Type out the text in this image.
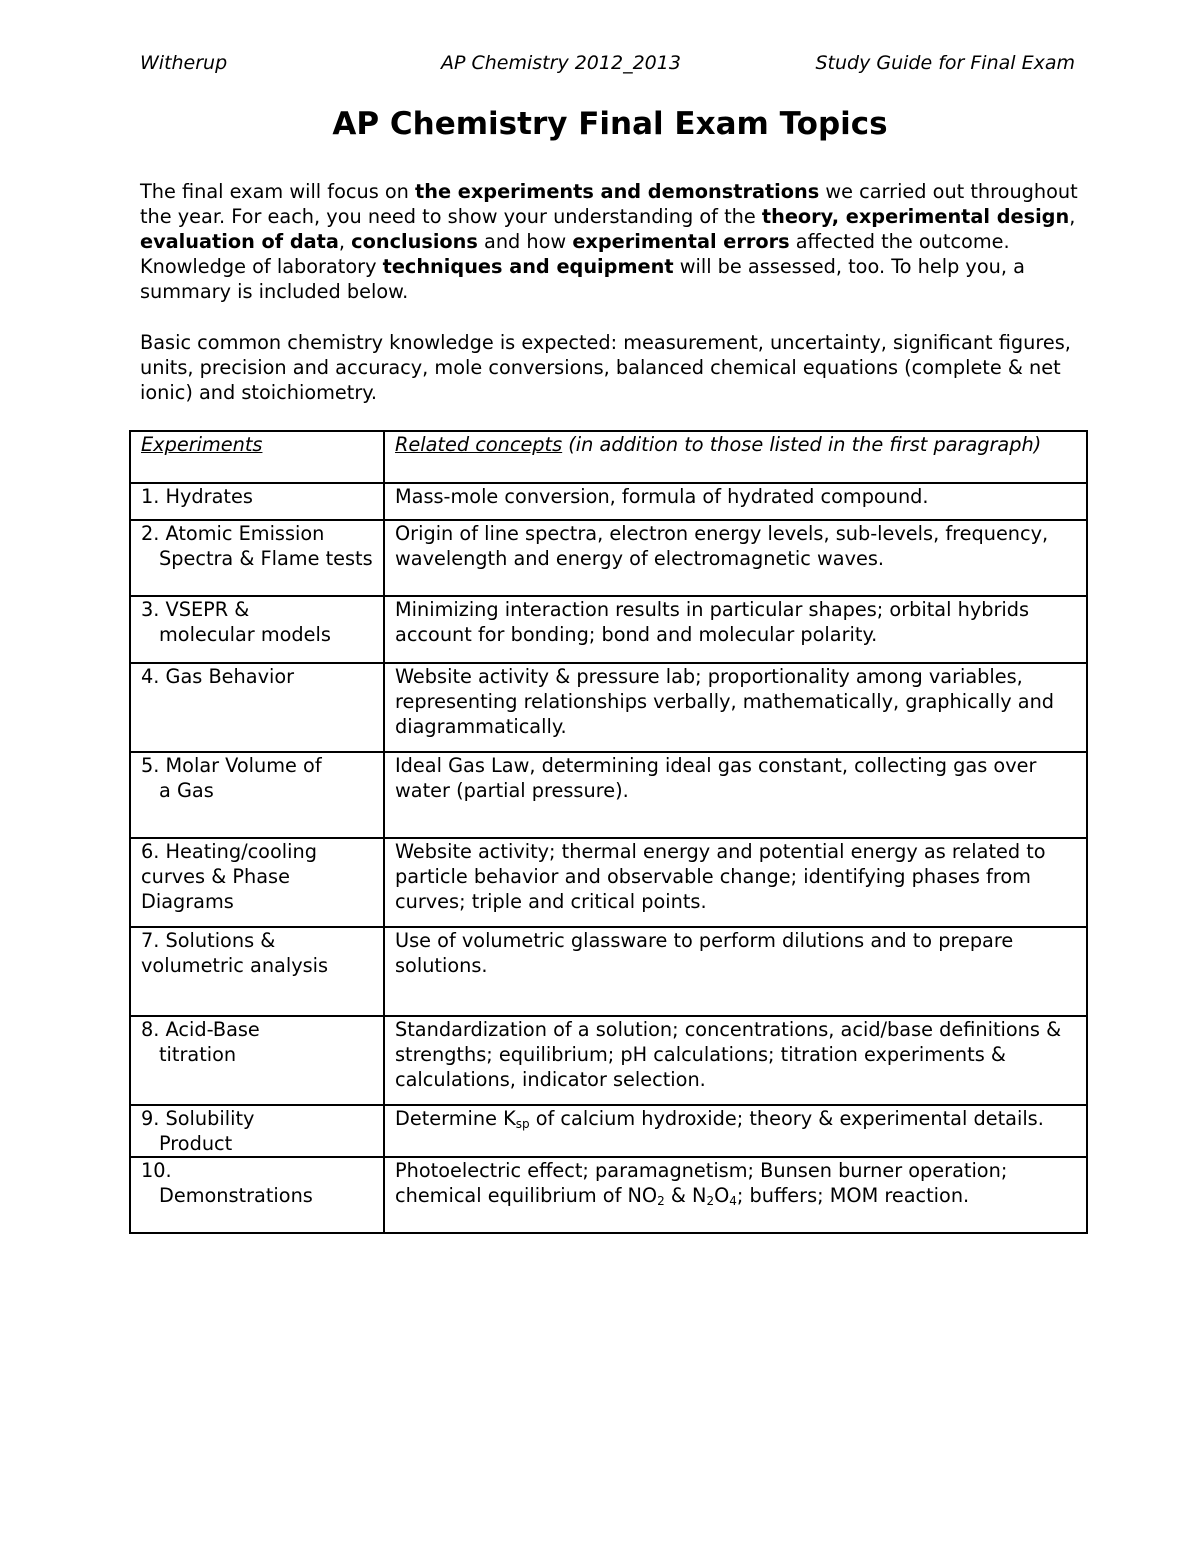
Witherup	AP Chemistry 2012_2013	Study Guide for Final Exam
AP Chemistry Final Exam Topics

The final exam will focus on the experiments and demonstrations we carried out throughout the year. For each, you need to show your understanding of the theory, experimental design, evaluation of data, conclusions and how experimental errors affected the outcome. Knowledge of laboratory techniques and equipment will be assessed, too. To help you, a summary is included below.

Basic common chemistry knowledge is expected: measurement, uncertainty, significant figures, units, precision and accuracy, mole conversions, balanced chemical equations (complete & net ionic) and stoichiometry.

Experiments	Related concepts (in addition to those listed in the first paragraph)

1. Hydrates	Mass-mole conversion, formula of hydrated compound.

2. Atomic Emission
Spectra & Flame tests	Origin of line spectra, electron energy levels, sub-levels, frequency, wavelength and energy of electromagnetic waves.

3. VSEPR &
molecular models	Minimizing interaction results in particular shapes; orbital hybrids account for bonding; bond and molecular polarity.

4. Gas Behavior	Website activity & pressure lab; proportionality among variables, representing relationships verbally, mathematically, graphically and diagrammatically.

5. Molar Volume of
a Gas	Ideal Gas Law, determining ideal gas constant, collecting gas over water (partial pressure).

6. Heating/cooling curves & Phase Diagrams	Website activity; thermal energy and potential energy as related to particle behavior and observable change; identifying phases from curves; triple and critical points.

7. Solutions & volumetric analysis	Use of volumetric glassware to perform dilutions and to prepare solutions.

8. Acid-Base
titration	Standardization of a solution; concentrations, acid/base definitions & strengths; equilibrium; pH calculations; titration experiments & calculations, indicator selection.

9. Solubility
Product	Determine $K_{sp}$ of calcium hydroxide; theory & experimental details.

10.
Demonstrations	Photoelectric effect; paramagnetism; Bunsen burner operation; chemical equilibrium of $NO_2$ & $N_2O_4$; buffers; MOM reaction.
